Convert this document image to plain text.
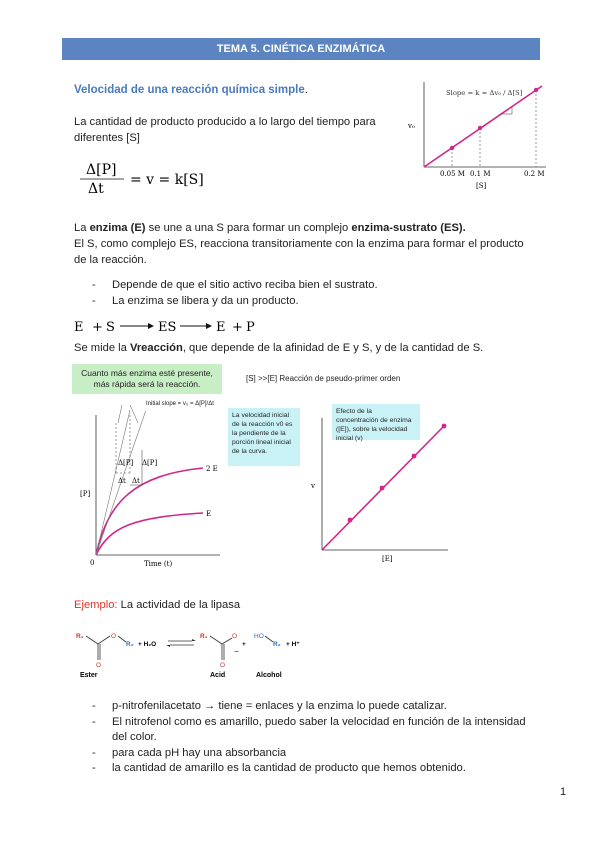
TEMA 5. CINÉTICA ENZIMÁTICA
Velocidad de una reacción química simple.
La cantidad de producto producido a lo largo del tiempo para diferentes [S]
Δ[P]
Δt
= v = k[S]
v₀
0.05 M 0.1 M	0.2 M
[S]
Slope = k = Δv₀ / Δ[S]
La enzima (E) se une a una S para formar un complejo enzima-sustrato (ES).
El S, como complejo ES, reacciona transitoriamente con la enzima para formar el producto de la reacción.
- Depende de que el sitio activo reciba bien el sustrato.
- La enzima se libera y da un producto.
E + S	ES	E + P
Se mide la Vreacción, que depende de la afinidad de E y S, y de la cantidad de S.
Cuanto más enzima esté presente, más rápida será la reacción.
[S] >>[E] Reacción de pseudo-primer orden
Δ[P]
Δt
Δ[P]
Δt
[P]
0	Time (t)
2 E
E
Initial slope = v₀ = Δ[P]/Δt
La velocidad inicial de la reacción v0 es la pendiente de la porción lineal inicial de la curva.
v
[E]
Efecto de la concentración de enzima ([E]), sobre la velocidad inicial (v)
Ejemplo: La actividad de la lipasa
R₁	O
R₂
O
+ H₂O
R₁	O
O
−
+
HO
R₂ + H⁺
Ester	Acid	Alcohol
- p-nitrofenilacetato → tiene = enlaces y la enzima lo puede catalizar.
- El nitrofenol como es amarillo, puedo saber la velocidad en función de la intensidad del color.
- para cada pH hay una absorbancia
- la cantidad de amarillo es la cantidad de producto que hemos obtenido.
1
